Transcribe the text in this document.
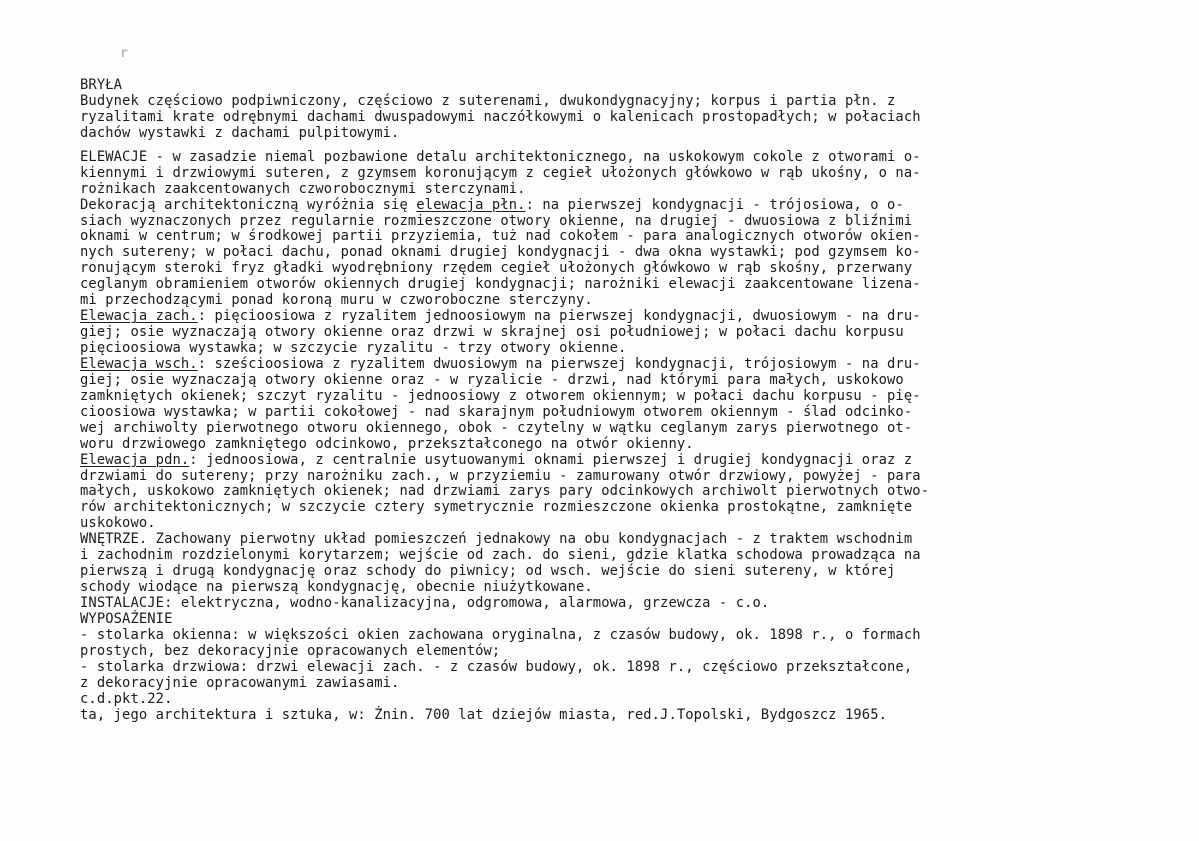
r
BRYŁA
Budynek częściowo podpiwniczony, częściowo z suterenami, dwukondygnacyjny; korpus i partia płn. z
ryzalitami krate odrębnymi dachami dwuspadowymi naczółkowymi o kalenicach prostopadłych; w połaciach
dachów wystawki z dachami pulpitowymi.
ELEWACJE - w zasadzie niemal pozbawione detalu architektonicznego, na uskokowym cokole z otworami o-
kiennymi i drzwiowymi suteren, z gzymsem koronującym z cegieł ułożonych główkowo w rąb ukośny, o na-
rożnikach zaakcentowanych czworobocznymi sterczynami.
Dekoracją architektoniczną wyróżnia się elewacja płn.: na pierwszej kondygnacji - trójosiowa, o o-
siach wyznaczonych przez regularnie rozmieszczone otwory okienne, na drugiej - dwuosiowa z bliźnimi
oknami w centrum; w środkowej partii przyziemia, tuż nad cokołem - para analogicznych otworów okien-
nych sutereny; w połaci dachu, ponad oknami drugiej kondygnacji - dwa okna wystawki; pod gzymsem ko-
ronującym steroki fryz gładki wyodrębniony rzędem cegieł ułożonych główkowo w rąb skośny, przerwany
ceglanym obramieniem otworów okiennych drugiej kondygnacji; narożniki elewacji zaakcentowane lizena-
mi przechodzącymi ponad koroną muru w czworoboczne sterczyny.
Elewacja zach.: pięcioosiowa z ryzalitem jednoosiowym na pierwszej kondygnacji, dwuosiowym - na dru-
giej; osie wyznaczają otwory okienne oraz drzwi w skrajnej osi południowej; w połaci dachu korpusu
pięcioosiowa wystawka; w szczycie ryzalitu - trzy otwory okienne.
Elewacja wsch.: sześcioosiowa z ryzalitem dwuosiowym na pierwszej kondygnacji, trójosiowym - na dru-
giej; osie wyznaczają otwory okienne oraz - w ryzalicie - drzwi, nad którymi para małych, uskokowo
zamkniętych okienek; szczyt ryzalitu - jednoosiowy z otworem okiennym; w połaci dachu korpusu - pię-
cioosiowa wystawka; w partii cokołowej - nad skarajnym południowym otworem okiennym - ślad odcinko-
wej archiwolty pierwotnego otworu okiennego, obok - czytelny w wątku ceglanym zarys pierwotnego ot-
woru drzwiowego zamkniętego odcinkowo, przekształconego na otwór okienny.
Elewacja pdn.: jednoosiowa, z centralnie usytuowanymi oknami pierwszej i drugiej kondygnacji oraz z
drzwiami do sutereny; przy narożniku zach., w przyziemiu - zamurowany otwór drzwiowy, powyżej - para
małych, uskokowo zamkniętych okienek; nad drzwiami zarys pary odcinkowych archiwolt pierwotnych otwo-
rów architektonicznych; w szczycie cztery symetrycznie rozmieszczone okienka prostokątne, zamknięte
uskokowo.
WNĘTRZE. Zachowany pierwotny układ pomieszczeń jednakowy na obu kondygnacjach - z traktem wschodnim
i zachodnim rozdzielonymi korytarzem; wejście od zach. do sieni, gdzie klatka schodowa prowadząca na
pierwszą i drugą kondygnację oraz schody do piwnicy; od wsch. wejście do sieni sutereny, w której
schody wiodące na pierwszą kondygnację, obecnie niużytkowane.
INSTALACJE: elektryczna, wodno-kanalizacyjna, odgromowa, alarmowa, grzewcza - c.o.
WYPOSAŻENIE
- stolarka okienna: w większości okien zachowana oryginalna, z czasów budowy, ok. 1898 r., o formach
prostych, bez dekoracyjnie opracowanych elementów;
- stolarka drzwiowa: drzwi elewacji zach. - z czasów budowy, ok. 1898 r., częściowo przekształcone,
z dekoracyjnie opracowanymi zawiasami.
c.d.pkt.22.
ta, jego architektura i sztuka, w: Żnin. 700 lat dziejów miasta, red.J.Topolski, Bydgoszcz 1965.
